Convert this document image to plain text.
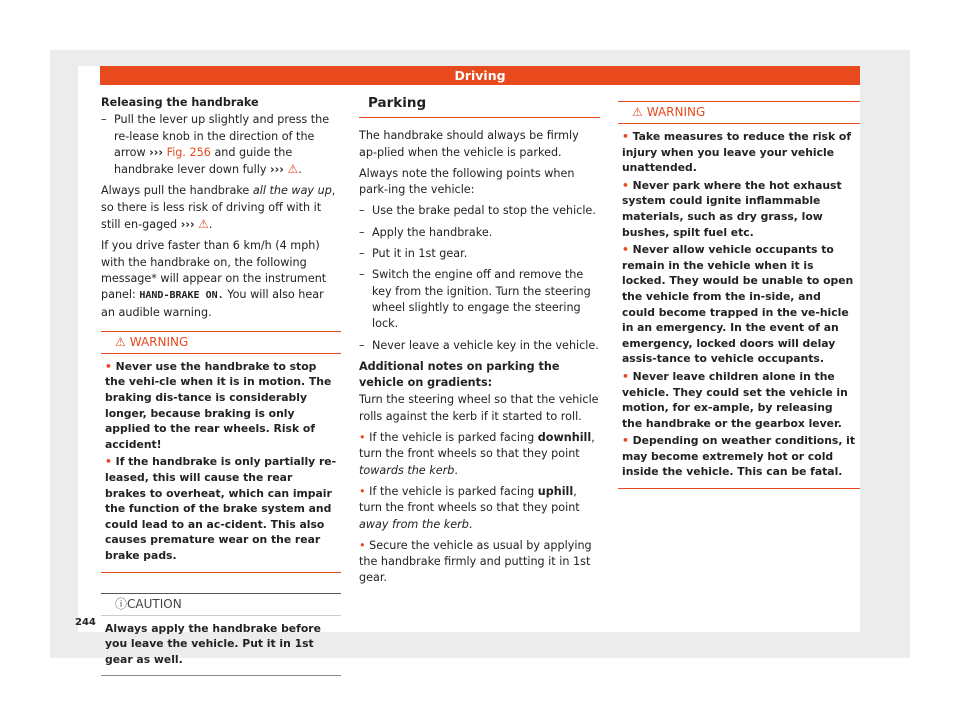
Driving

Releasing the handbrake

– Pull the lever up slightly and press the re-lease knob in the direction of the arrow ››› Fig. 256 and guide the handbrake lever down fully ››› ⚠.

Always pull the handbrake all the way up, so there is less risk of driving off with it still en-gaged ››› ⚠.

If you drive faster than 6 km/h (4 mph) with the handbrake on, the following message* will appear on the instrument panel: HAND-BRAKE ON. You will also hear an audible warning.

⚠ WARNING

• Never use the handbrake to stop the vehi-cle when it is in motion. The braking dis-tance is considerably longer, because braking is only applied to the rear wheels. Risk of accident!

• If the handbrake is only partially re-leased, this will cause the rear brakes to overheat, which can impair the function of the brake system and could lead to an ac-cident. This also causes premature wear on the rear brake pads.

ⓘCAUTION

Always apply the handbrake before you leave the vehicle. Put it in 1st gear as well.

Parking

The handbrake should always be firmly ap-plied when the vehicle is parked.

Always note the following points when park-ing the vehicle:

– Use the brake pedal to stop the vehicle.

– Apply the handbrake.

– Put it in 1st gear.

– Switch the engine off and remove the key from the ignition. Turn the steering wheel slightly to engage the steering lock.

– Never leave a vehicle key in the vehicle.

Additional notes on parking the vehicle on gradients:

Turn the steering wheel so that the vehicle rolls against the kerb if it started to roll.

• If the vehicle is parked facing downhill, turn the front wheels so that they point towards the kerb.

• If the vehicle is parked facing uphill, turn the front wheels so that they point away from the kerb.

• Secure the vehicle as usual by applying the handbrake firmly and putting it in 1st gear.

⚠ WARNING

• Take measures to reduce the risk of injury when you leave your vehicle unattended.

• Never park where the hot exhaust system could ignite inflammable materials, such as dry grass, low bushes, spilt fuel etc.

• Never allow vehicle occupants to remain in the vehicle when it is locked. They would be unable to open the vehicle from the in-side, and could become trapped in the ve-hicle in an emergency. In the event of an emergency, locked doors will delay assis-tance to vehicle occupants.

• Never leave children alone in the vehicle. They could set the vehicle in motion, for ex-ample, by releasing the handbrake or the gearbox lever.

• Depending on weather conditions, it may become extremely hot or cold inside the vehicle. This can be fatal.

244
